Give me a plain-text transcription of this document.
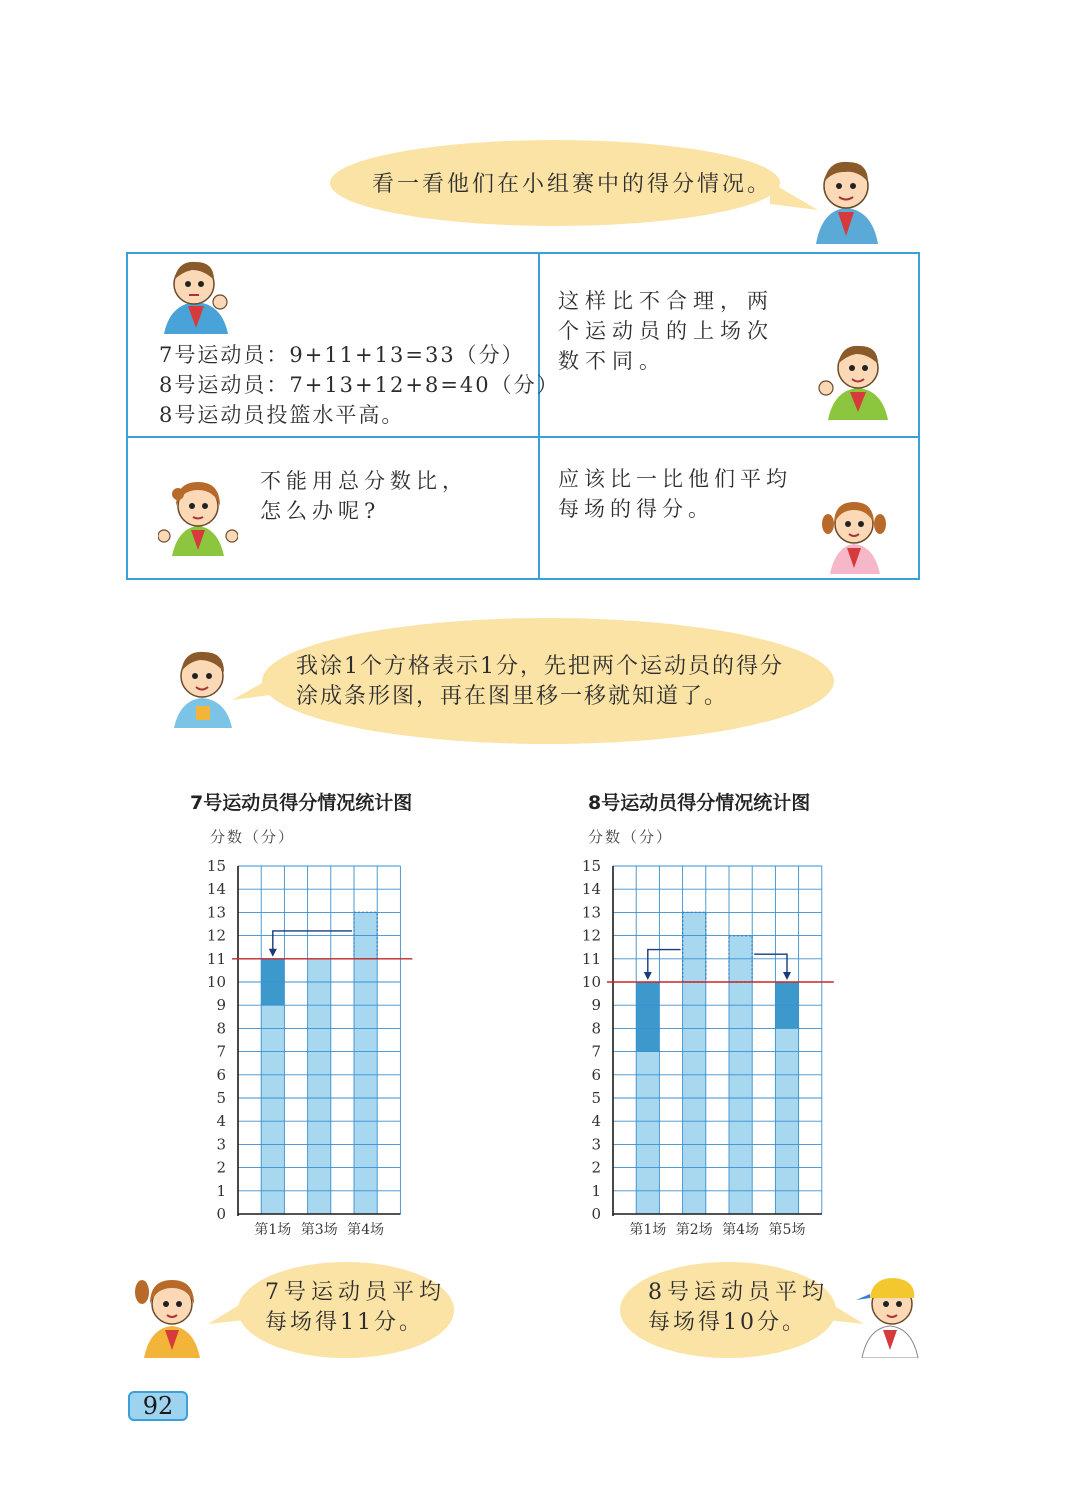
看一看他们在小组赛中的得分情况。
7号运动员：9+11+13=33（分）
8号运动员：7+13+12+8=40（分）
8号运动员投篮水平高。
这样比不合理，两
个运动员的上场次
数不同。
不能用总分数比，
怎么办呢?
应该比一比他们平均
每场的得分。
我涂1个方格表示1分，先把两个运动员的得分
涂成条形图，再在图里移一移就知道了。
7号运动员得分情况统计图
分数（分）
0
1
2
3
4
5
6
7
8
9
10
11
12
13
14
15
第1场 第3场 第4场
8号运动员得分情况统计图
分数（分）
0
1
2
3
4
5
6
7
8
9
10
11
12
13
14
15
第1场 第2场 第4场 第5场
7号运动员平均
每场得11分。
8号运动员平均
每场得10分。
92
